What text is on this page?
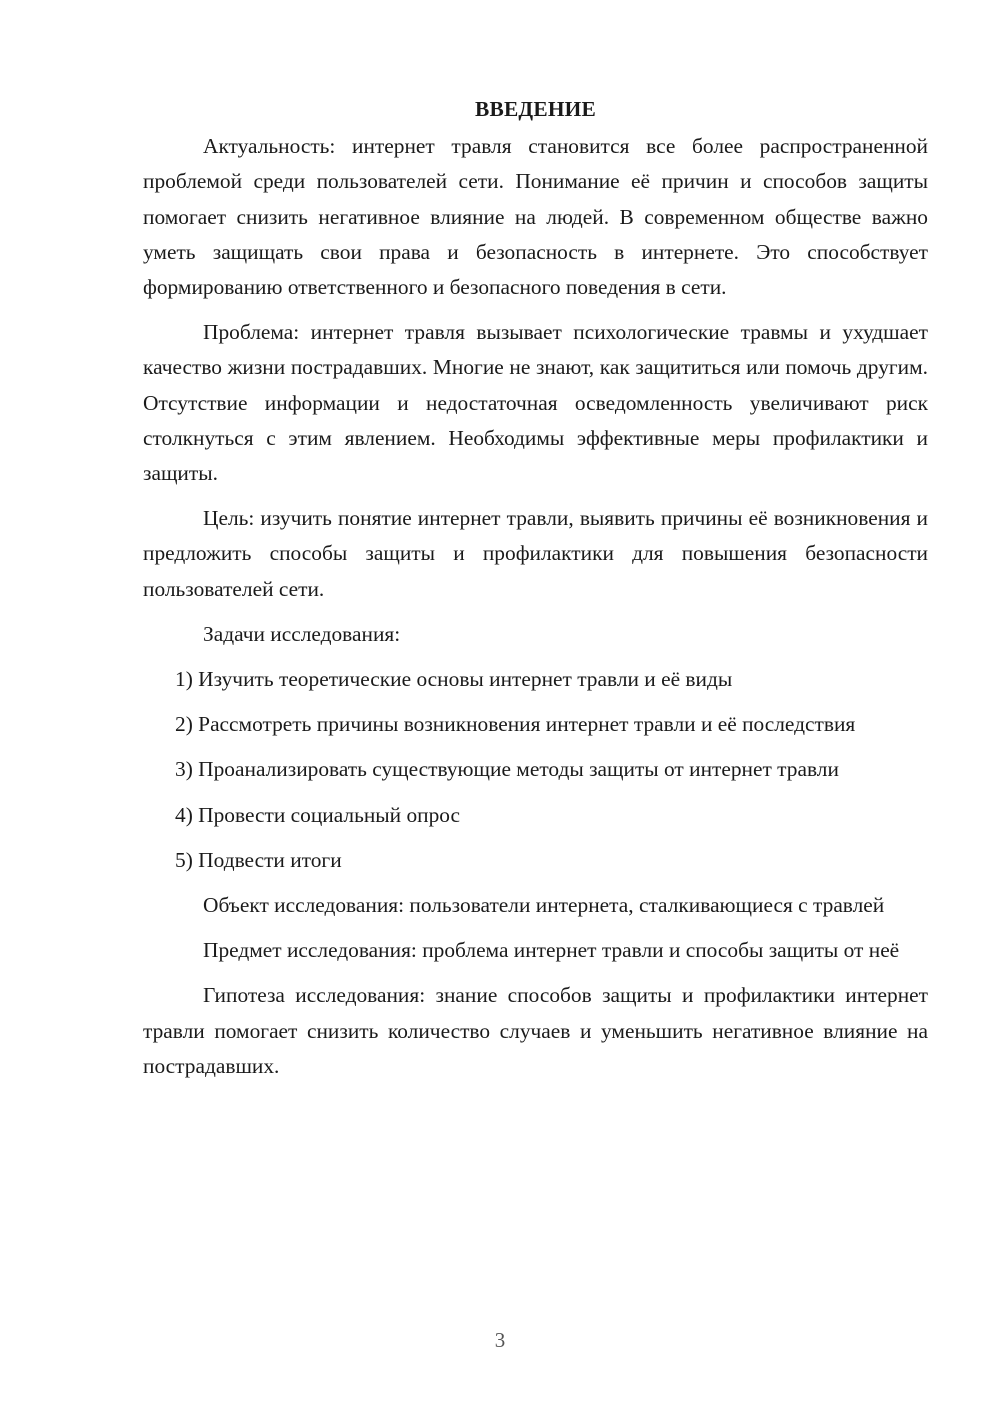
ВВЕДЕНИЕ

Актуальность: интернет травля становится все более распространенной проблемой среди пользователей сети. Понимание её причин и способов защиты помогает снизить негативное влияние на людей. В современном обществе важно уметь защищать свои права и безопасность в интернете. Это способствует формированию ответственного и безопасного поведения в сети.

Проблема: интернет травля вызывает психологические травмы и ухудшает качество жизни пострадавших. Многие не знают, как защититься или помочь другим. Отсутствие информации и недостаточная осведомленность увеличивают риск столкнуться с этим явлением. Необходимы эффективные меры профилактики и защиты.

Цель: изучить понятие интернет травли, выявить причины её возникновения и предложить способы защиты и профилактики для повышения безопасности пользователей сети.

Задачи исследования:

1) Изучить теоретические основы интернет травли и её виды

2) Рассмотреть причины возникновения интернет травли и её последствия

3) Проанализировать существующие методы защиты от интернет травли

4) Провести социальный опрос

5) Подвести итоги

Объект исследования: пользователи интернета, сталкивающиеся с травлей

Предмет исследования: проблема интернет травли и способы защиты от неё

Гипотеза исследования: знание способов защиты и профилактики интернет травли помогает снизить количество случаев и уменьшить негативное влияние на пострадавших.

3
